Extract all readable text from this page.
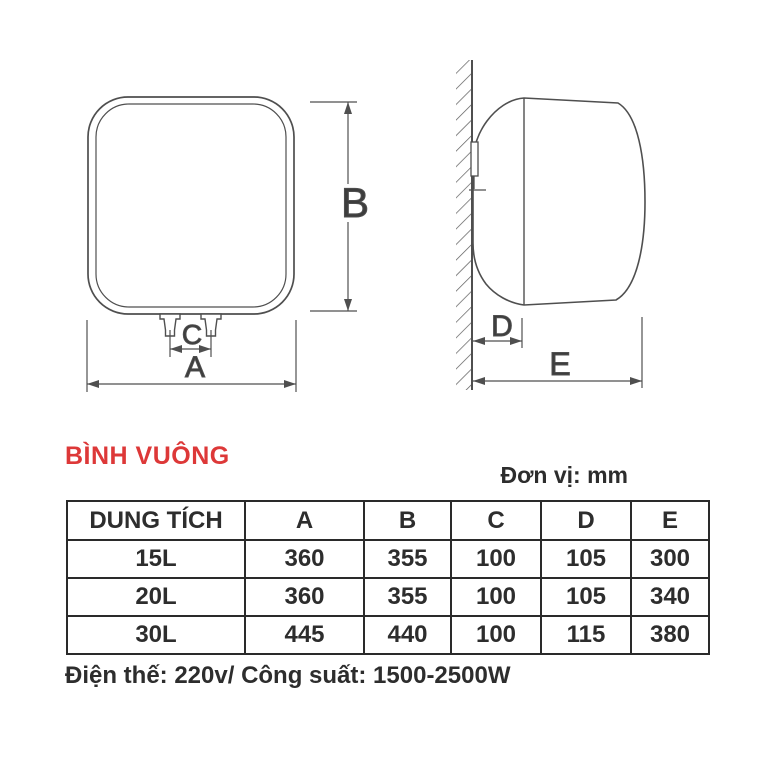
B
A
C	D
E
BÌNH VUÔNG
Đơn vị: mm
DUNG TÍCH	A	B	C	D	E
15L	360	355	100	105	300
20L	360	355	100	105	340
30L	445	440	100	115	380
Điện thế: 220v/ Công suất: 1500-2500W
